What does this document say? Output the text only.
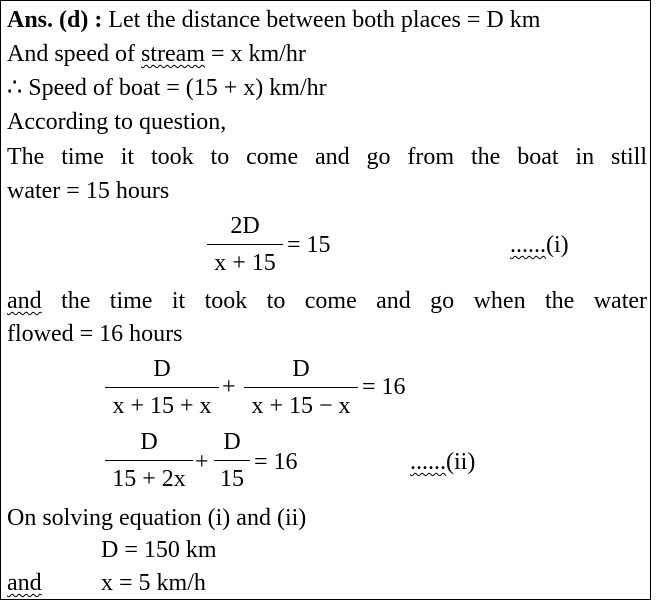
Ans. (d) : Let the distance between both places = D km
And speed of stream = x km/hr
∴ Speed of boat = (15 + x) km/hr
According to question,
The time it took to come and go from the boat in still
water = 15 hours
2D
x + 15
= 15	......(i)
and the time it took to come and go when the water
flowed = 16 hours
D
x + 15 + x
+
D
x + 15 − x
= 16
D
15 + 2x
+
D
15
= 16	......(ii)
On solving equation (i) and (ii)
D = 150 km
and x = 5 km/h
